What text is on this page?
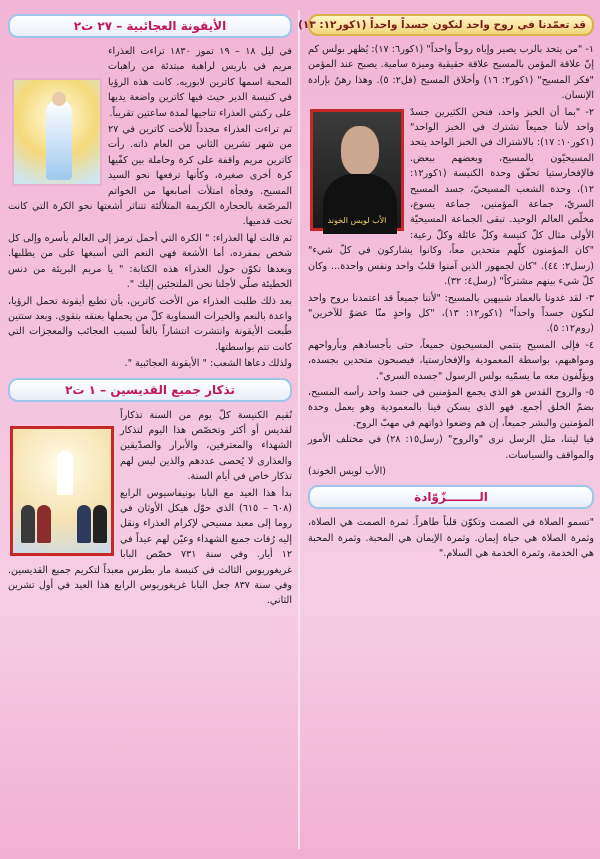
قد تعمّدنا في روح واحد لنكون جسداً واحداً (١كور١٢: ١٣)

١- "من يتحد بالرب يصير وإياه روحاً واحداً" (١كور٦: ١٧): يُظهر بولس كم إنّ علاقة المؤمن بالمسيح علاقة حقيقية وميزة سامية. يصبح عند المؤمن "فكر المسيح" (١كور٢: ١٦) وأخلاق المسيح (فل٢: ٥). وهذا رهنٌ بإرادة الإنسان.

الأب لويس الخوند

٢- "بما أن الخبز واحد، فنحن الكثيرين جسدٌ واحد لأننا جميعاً نشترك في الخبز الواحد" (١كور١٠: ١٧): بالاشتراك في الخبز الواحد يتحد المسيحيّون بالمسيح، وبعضهم ببعض. فالإفخارستيا تحقّق وحدة الكنيسة (١كور١٢: ١٢)، وحدة الشعب المسيحيّ، جسد المسيح السريّ، جماعة المؤمنين، جماعة يسوع، مخلّص العالم الوحيد. تبقى الجماعة المسيحيّة الأولى مثال كلّ كنيسة وكلّ عائلة وكلّ رعية: "كان المؤمنون كلّهم متحدين معاً، وكانوا يشاركون في كلّ شيء" (رسل٢: ٤٤). "كان لجمهور الذين آمنوا قلبٌ واحد ونفس واحدة... وكان كلّ شيء بينهم مشتركاً" (رسل٤: ٣٢).

٣- لقد غدونا بالعماد شبيهين بالمسيح: "لأننا جميعاً قد اعتمدنا بروح واحد لنكون جسداً واحداً" (١كور١٢: ١٣)، "كل واحدٍ منّا عضوٌ للآخرين" (روم١٢: ٥).

٤- فإلى المسيح ينتمي المسيحيون جميعاً، حتى بأجسادهم وبأرواحهم ومواهبهم، بواسطة المعمودية والإفخارستيا، فيصبحون متحدين بجسده، ويؤلّفون معه ما يسمّيه بولس الرسول "جسده السري".

٥- والروح القدس هو الذي يجمع المؤمنين في جسد واحد رأسه المسيح، بضمّ الخلق أجمع. فهو الذي يسكن فينا بالمعمودية وهو يعمل وحدة المؤمنين والبشر جميعاً، إن هم وضعوا ذواتهم في مهبّ الروح.

فيا ليتنا، مثل الرسل نرى "والروح" (رسل١٥: ٢٨) في مختلف الأمور والمواقف والسياسات.

(الأب لويس الخوند)

الــــــــزّوّادة

"تسمو الصلاة في الصمت وتكوّن قلباً طاهراً. ثمرة الصمت هي الصلاة، وثمرة الصلاة هي حياة إيمان. وثمرة الإيمان هي المحبة. وثمرة المحبة هي الخدمة، وثمرة الخدمة هي السلام."

الأيقونة العجائبية – ٢٧ ت٢

في ليل ١٨ – ١٩ تموز ١٨٣٠ تراءت العذراء مريم في باريس لراهبة مبتدئة من راهبات المحبة اسمها كاترين لابوريه. كانت هذه الرؤيا في كنيسة الدير حيث فيها كاترين واضعة يديها على ركبتي العذراء تناجيها لمدة ساعتين تقريباً.

ثم تراءت العذراء مجدداً للأخت كاترين في ٢٧ من شهر تشرين الثاني من العام ذاته. رأت كاترين مريم واقفة على كرة وحاملة بين كفّيها كرة أخرى صغيرة، وكأنها ترفعها نحو السيد المسيح. وفجأة امتلأت أصابعها من الخواتم المرصّعة بالحجارة الكريمة المتلألئة تتناثر أشعتها نحو الكرة التي كانت تحت قدميها.

ثم قالت لها العذراء: " الكرة التي أحمل ترمز إلى العالم بأسره وإلى كل شخص بمفرده، أما الأشعة فهي النعم التي أسبغها على من يطلبها. وبعدها تكوّن حول العذراء هذه الكتابة: " يا مريم البريئة من دنس الخطيئة صلّي لأجلنا نحن الملتجئين إليك ".

بعد ذلك طلبت العذراء من الأخت كاترين، بأن تطبع أيقونة تحمل الرؤيا، واعدة بالنعم والخيرات السماوية كلّ من يحملها بعنقه بتقوى. وبعد ستتين طُبعت الأيقونة وانتشرت انتشاراً بالغاً لسبب العجائب والمعجزات التي كانت تتم بواسطتها.

ولذلك دعاها الشعب: " الأيقونة العجائبية ".

تذكار جميع القديسين – ١ ت٢

تُقيم الكنيسة كلّ يوم من السنة تذكاراً لقديس أو أكثر وتخصّص هذا اليوم لتذكار الشهداء والمعترفين، والأبرار والصدّيقين والعذارى لا يُحصى عددهم والذين ليس لهم تذكار خاص في أيام السنة.

بدأ هذا العيد مع البابا بونيفاسيوس الرابع (٦٠٨ – ٦١٥) الذي حوّل هيكل الأوثان في روما إلى معبد مسيحي لإكرام العذراء ونقل إليه رُفات جميع الشهداء وعيّن لهم عيداً في ١٢ أيار. وفي سنة ٧٣١ خصّص البابا غريغوريوس الثالث في كنيسة مار بطرس معبداً لتكريم جميع القديسين. وفي سنة ٨٣٧ جعل البابا غريغوريوس الرابع هذا العيد في أول تشرين الثاني.
